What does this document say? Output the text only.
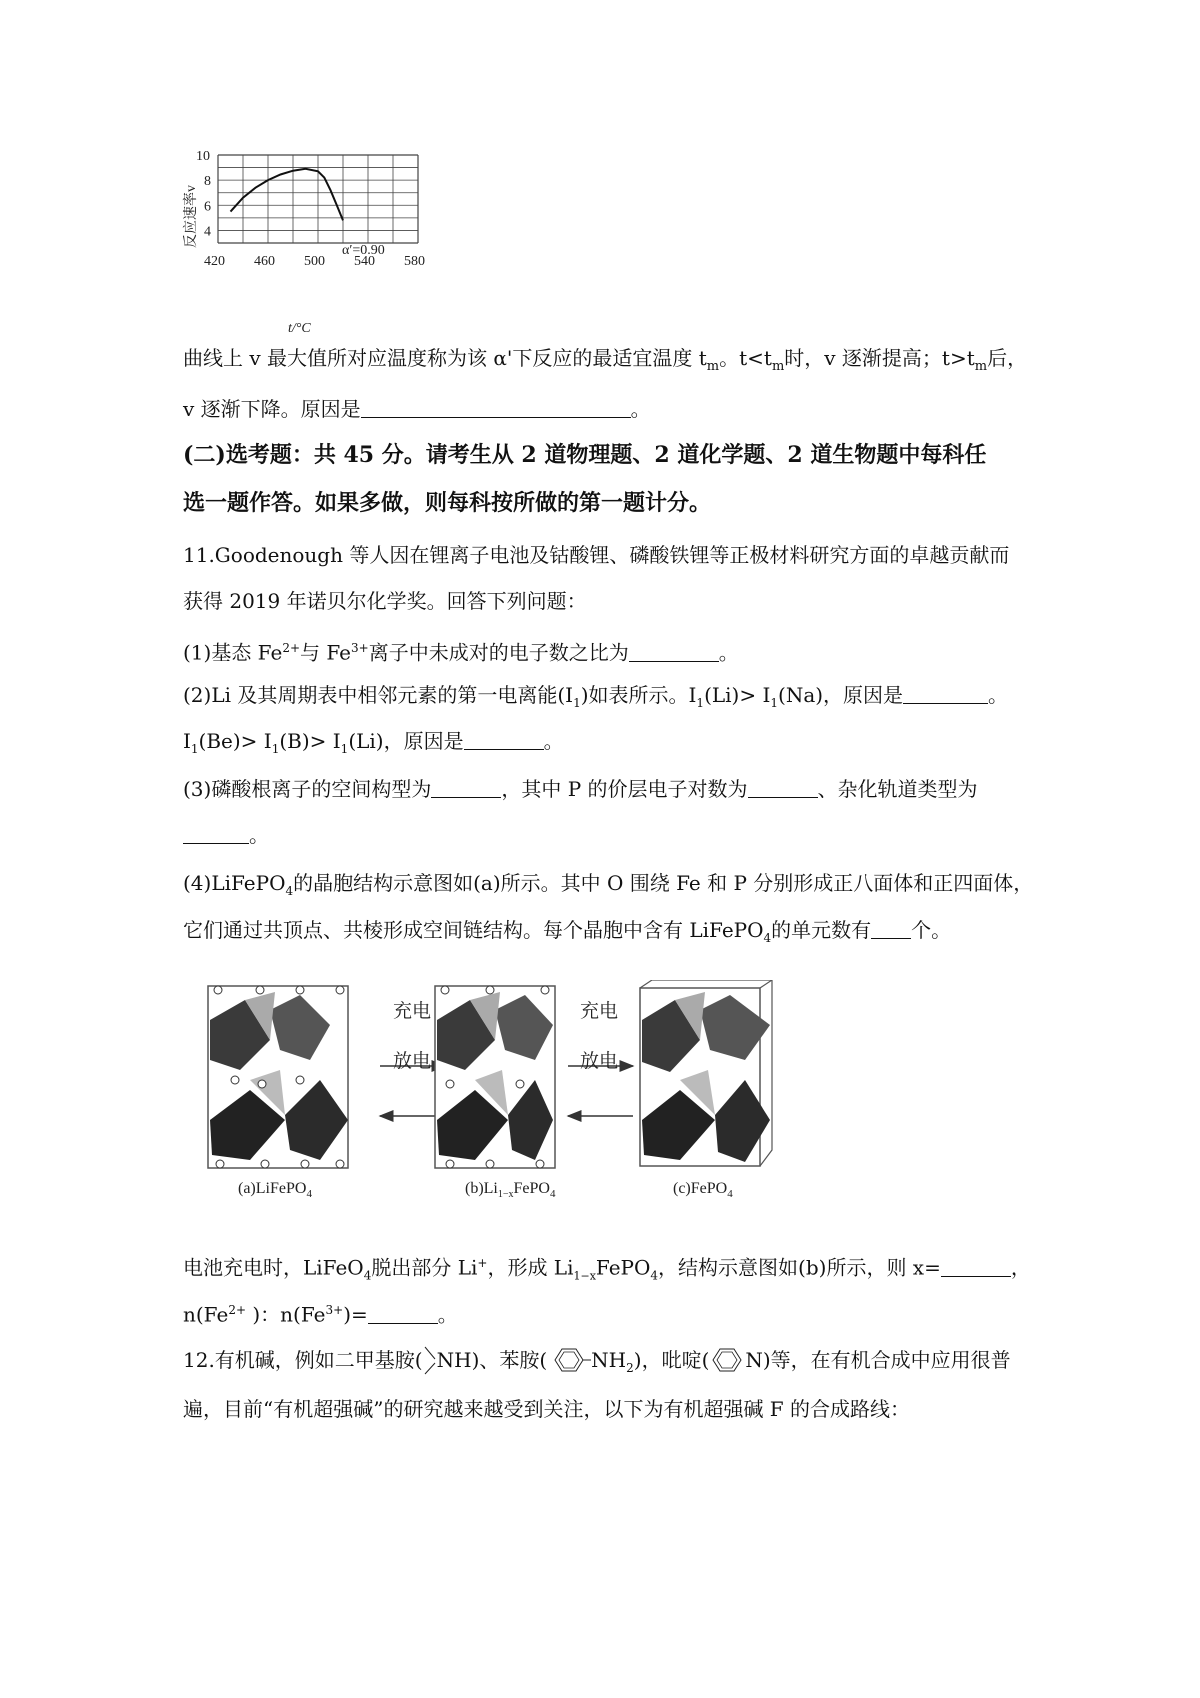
420 460 500 540 580
4
6
8
10
α′=0.90
反应速率v
t/°C
曲线上 v 最大值所对应温度称为该 α'下反应的最适宜温度 $t_m$。$t<t_m$时，v 逐渐提高；$t>t_m$后，
v 逐渐下降。原因是	。
(二)选考题：共 45 分。请考生从 2 道物理题、2 道化学题、2 道生物题中每科任
选一题作答。如果多做，则每科按所做的第一题计分。
11.Goodenough 等人因在锂离子电池及钴酸锂、磷酸铁锂等正极材料研究方面的卓越贡献而
获得 2019 年诺贝尔化学奖。回答下列问题：
(1)基态 $Fe^{2+}$与 $Fe^{3+}$离子中未成对的电子数之比为	。
(2)Li 及其周期表中相邻元素的第一电离能$(I_1)$如表所示。$I_1(Li)> I_1(Na)$，原因是	。
$I_1(Be)> I_1(B)> I_1(Li)$，原因是	。
(3)磷酸根离子的空间构型为	，其中 P 的价层电子对数为	、杂化轨道类型为
。
(4)LiFePO$_4$的晶胞结构示意图如(a)所示。其中 O 围绕 Fe 和 P 分别形成正八面体和正四面体，
它们通过共顶点、共棱形成空间链结构。每个晶胞中含有 LiFePO$_4$的单元数有 个。
充电
放电
充电
放电
(a)LiFePO$_4$	$(b)Li_{1-x}FePO_4$	(c)FePO$_4$
电池充电时，LiFeO$_4$脱出部分 Li+，形成 $Li_{1-x}FePO_4$，结构示意图如(b)所示，则 x=	，
$n(Fe^{2+}$ )：$n(Fe^{3+})=$	。
12.有机碱，例如二甲基胺( NH)、苯胺( $NH_2$)，吡啶( N)等，在有机合成中应用很普
遍，目前“有机超强碱”的研究越来越受到关注，以下为有机超强碱 F 的合成路线：
